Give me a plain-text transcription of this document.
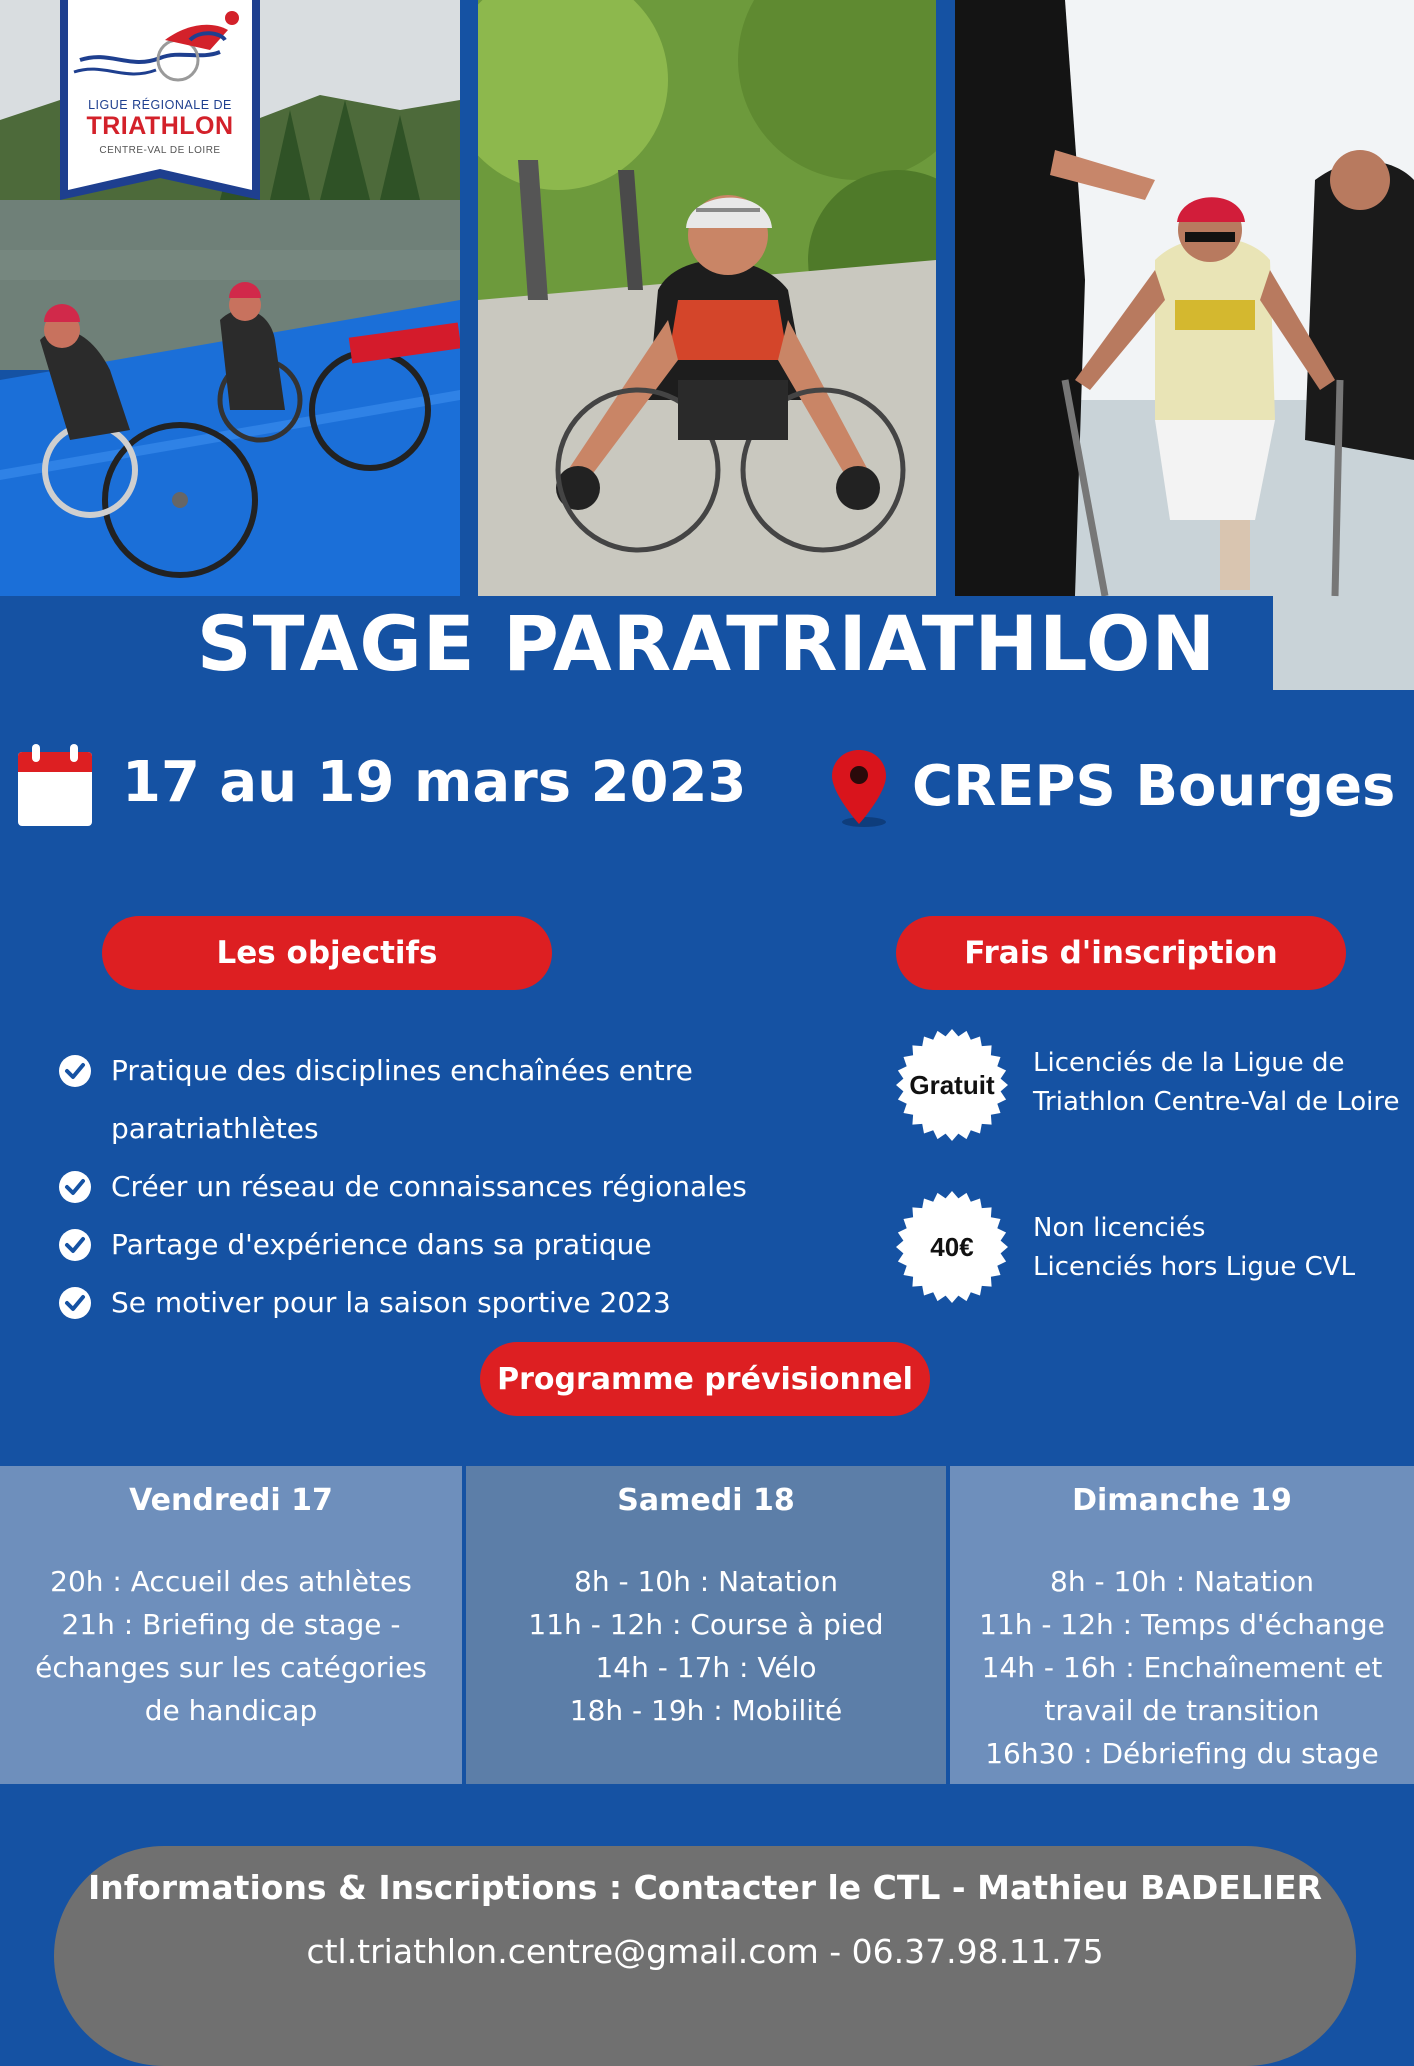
LIGUE RÉGIONALE DE
TRIATHLON
CENTRE-VAL DE LOIRE
STAGE PARATRIATHLON
17 au 19 mars 2023	CREPS Bourges
Les objectifs	Frais d'inscription
Pratique des disciplines enchaînées entre
paratriathlètes
Créer un réseau de connaissances régionales
Partage d'expérience dans sa pratique
Se motiver pour la saison sportive 2023
Gratuit
Licenciés de la Ligue de
Triathlon Centre-Val de Loire
40€
Non licenciés
Licenciés hors Ligue CVL
Programme prévisionnel
Vendredi 17
20h : Accueil des athlètes
21h : Briefing de stage - échanges sur les catégories de handicap
Samedi 18
8h - 10h : Natation
11h - 12h : Course à pied
14h - 17h : Vélo
18h - 19h : Mobilité
Dimanche 19
8h - 10h : Natation
11h - 12h : Temps d'échange
14h - 16h : Enchaînement et
travail de transition
16h30 : Débriefing du stage
Informations & Inscriptions : Contacter le CTL - Mathieu BADELIER
ctl.triathlon.centre@gmail.com - 06.37.98.11.75
